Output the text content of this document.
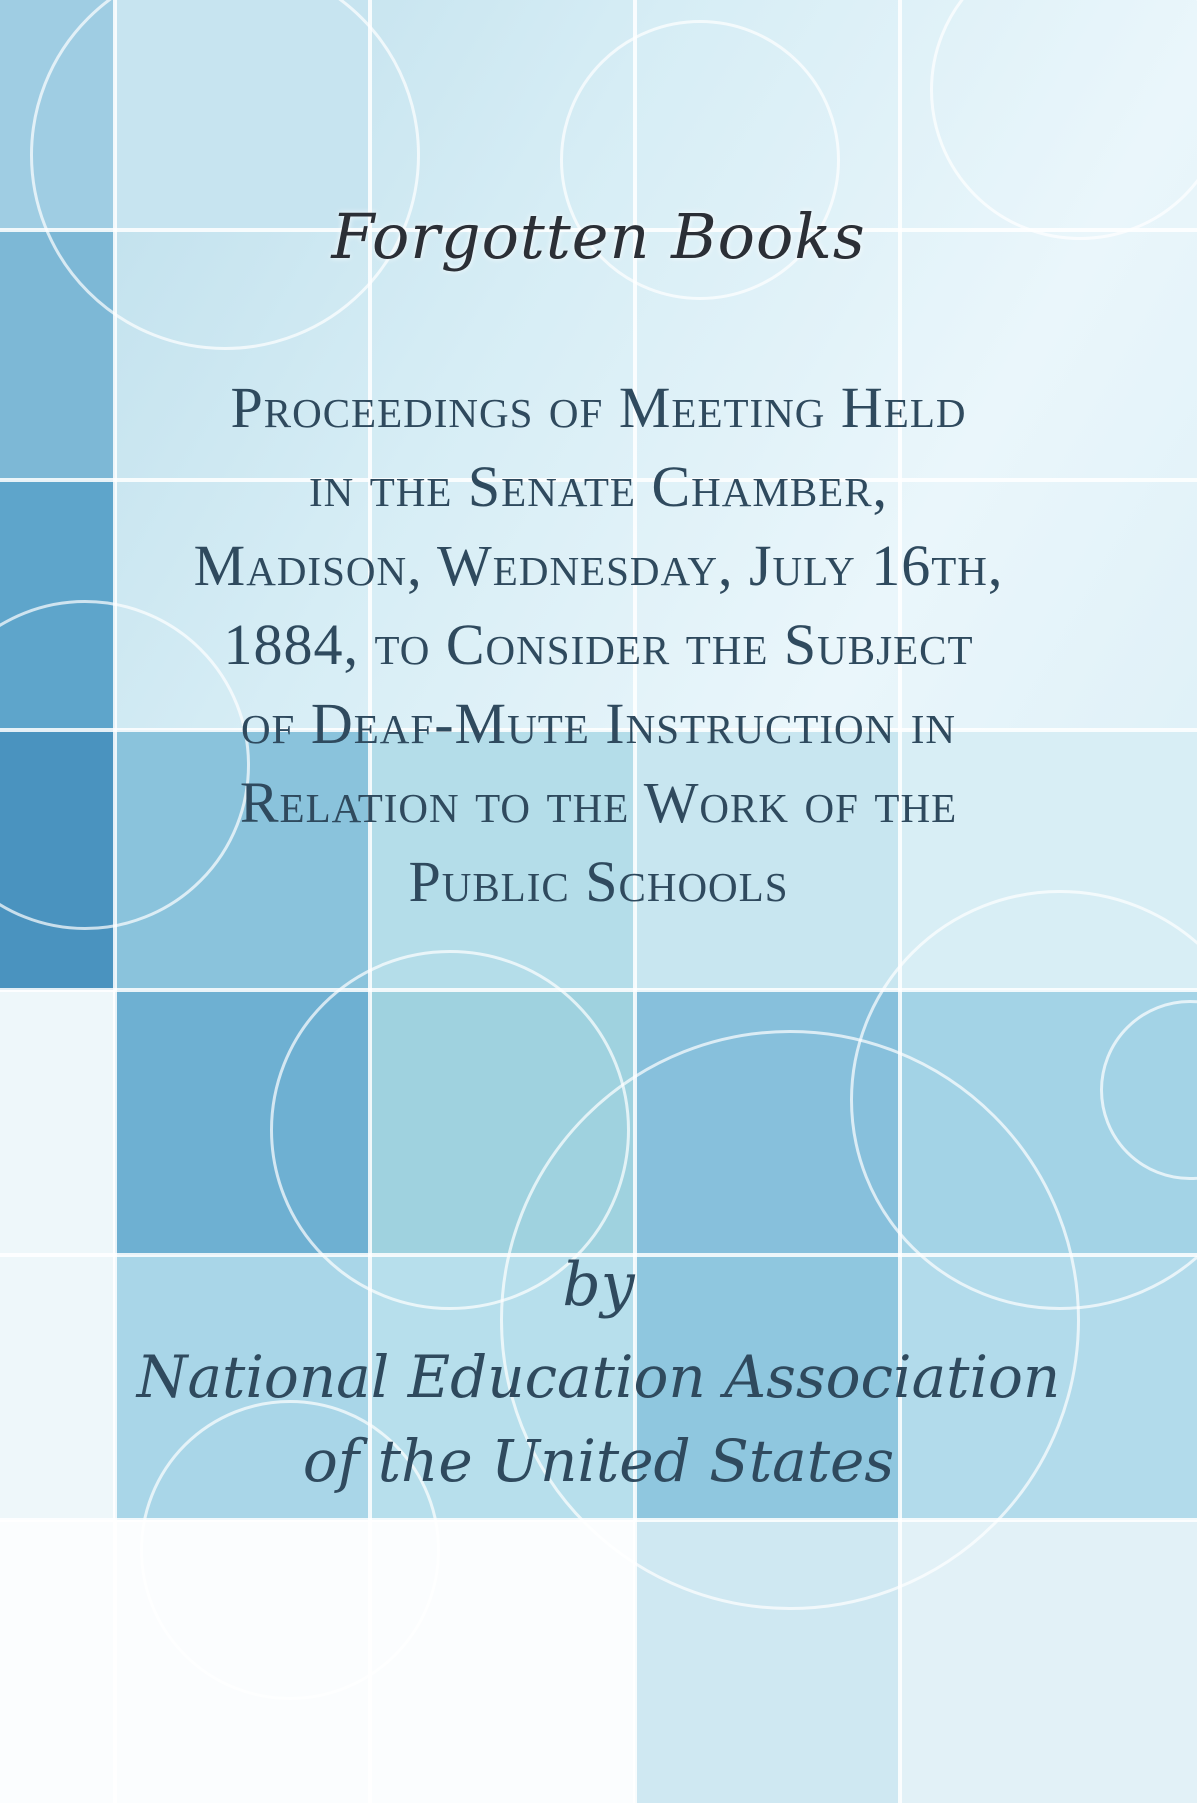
Forgotten Books
Proceedings of Meeting Held
in the Senate Chamber,
Madison, Wednesday, July 16th,
1884, to Consider the Subject
of Deaf-Mute Instruction in
Relation to the Work of the
Public Schools
by
National Education Association
of the United States
